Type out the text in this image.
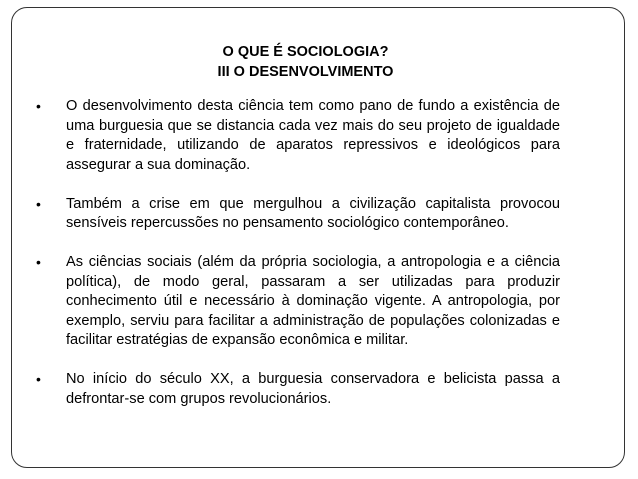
O QUE É SOCIOLOGIA?
III O DESENVOLVIMENTO
•	O desenvolvimento desta ciência tem como pano de fundo a existência de uma burguesia que se distancia cada vez mais do seu projeto de igualdade e fraternidade, utilizando de aparatos repressivos e ideológicos para assegurar a sua dominação.
•	Também a crise em que mergulhou a civilização capitalista provocou sensíveis repercussões no pensamento sociológico contemporâneo.
•	As ciências sociais (além da própria sociologia, a antropologia e a ciência política), de modo geral, passaram a ser utilizadas para produzir conhecimento útil e necessário à dominação vigente. A antropologia, por exemplo, serviu para facilitar a administração de populações colonizadas e facilitar estratégias de expansão econômica e militar.
•	No início do século XX, a burguesia conservadora e belicista passa a defrontar-se com grupos revolucionários.
